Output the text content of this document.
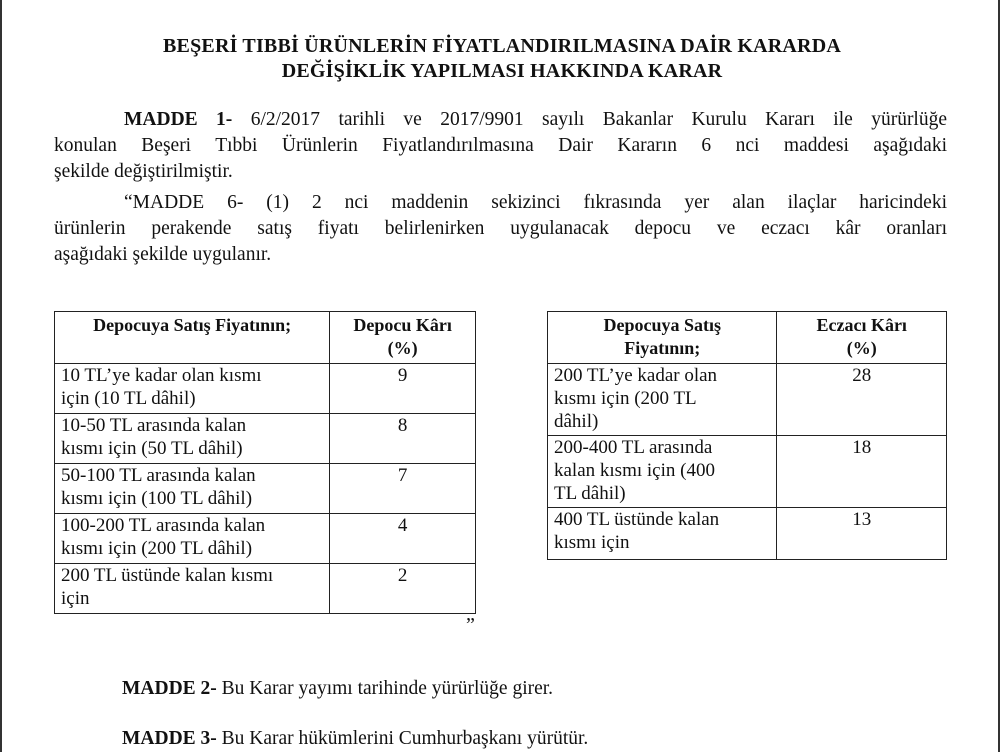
BEŞERİ TIBBİ ÜRÜNLERİN FİYATLANDIRILMASINA DAİR KARARDA
DEĞİŞİKLİK YAPILMASI HAKKINDA KARAR
MADDE 1- 6/2/2017 tarihli ve 2017/9901 sayılı Bakanlar Kurulu Kararı ile yürürlüğe
konulan Beşeri Tıbbi Ürünlerin Fiyatlandırılmasına Dair Kararın 6 nci maddesi aşağıdaki
şekilde değiştirilmiştir.
“MADDE 6- (1) 2 nci maddenin sekizinci fıkrasında yer alan ilaçlar haricindeki
ürünlerin perakende satış fiyatı belirlenirken uygulanacak depocu ve eczacı kâr oranları
aşağıdaki şekilde uygulanır.
Depocuya Satış Fiyatının;	Depocu Kârı
(%)
10 TL’ye kadar olan kısmı
için (10 TL dâhil)	9
10-50 TL arasında kalan
kısmı için (50 TL dâhil)	8
50-100 TL arasında kalan
kısmı için (100 TL dâhil)	7
100-200 TL arasında kalan
kısmı için (200 TL dâhil)	4
200 TL üstünde kalan kısmı
için	2
Depocuya Satış
Fiyatının;	Eczacı Kârı
(%)
200 TL’ye kadar olan
kısmı için (200 TL
dâhil)	28
200-400 TL arasında
kalan kısmı için (400
TL dâhil)	18
400 TL üstünde kalan
kısmı için	13
”
MADDE 2- Bu Karar yayımı tarihinde yürürlüğe girer.
MADDE 3- Bu Karar hükümlerini Cumhurbaşkanı yürütür.
